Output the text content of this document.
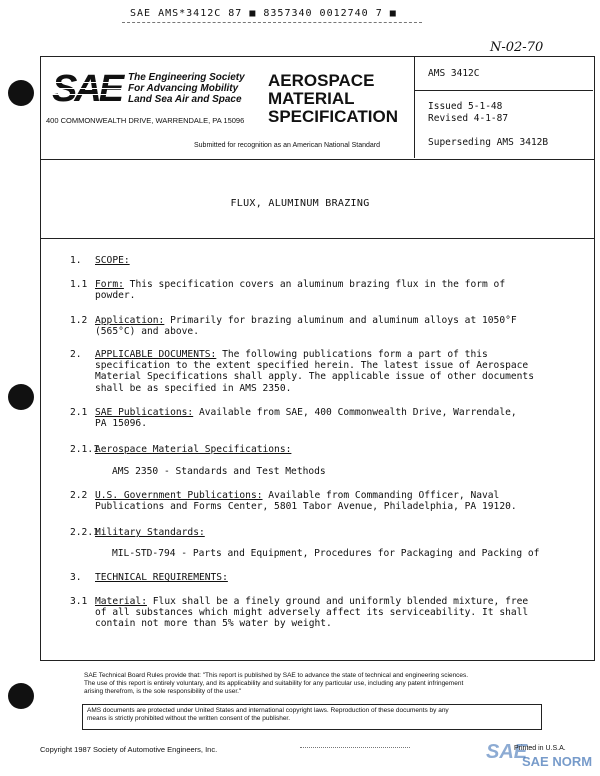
SAE AMS*3412C 87 ■ 8357340 0012740 7 ■
N-02-70
SAE The Engineering Society
For Advancing Mobility
Land Sea Air and Space
400 COMMONWEALTH DRIVE, WARRENDALE, PA 15096
AEROSPACE
MATERIAL
SPECIFICATION
Submitted for recognition as an American National Standard
AMS 3412C
Issued 5-1-48
Revised 4-1-87
Superseding AMS 3412B
FLUX, ALUMINUM BRAZING
1. SCOPE:
1.1 Form: This specification covers an aluminum brazing flux in the form of
powder.
1.2 Application: Primarily for brazing aluminum and aluminum alloys at 1050°F
(565°C) and above.
2. APPLICABLE DOCUMENTS: The following publications form a part of this
specification to the extent specified herein. The latest issue of Aerospace
Material Specifications shall apply. The applicable issue of other documents
shall be as specified in AMS 2350.
2.1 SAE Publications: Available from SAE, 400 Commonwealth Drive, Warrendale,
PA 15096.
2.1.1Aerospace Material Specifications:
AMS 2350 - Standards and Test Methods
2.2 U.S. Government Publications: Available from Commanding Officer, Naval
Publications and Forms Center, 5801 Tabor Avenue, Philadelphia, PA 19120.
2.2.1Military Standards:
MIL-STD-794 - Parts and Equipment, Procedures for Packaging and Packing of
3. TECHNICAL REQUIREMENTS:
3.1 Material: Flux shall be a finely ground and uniformly blended mixture, free
of all substances which might adversely affect its serviceability. It shall
contain not more than 5% water by weight.
SAE Technical Board Rules provide that: "This report is published by SAE to advance the state of technical and engineering sciences.
The use of this report is entirely voluntary, and its applicability and suitability for any particular use, including any patent infringement
arising therefrom, is the sole responsibility of the user."
AMS documents are protected under United States and international copyright laws. Reproduction of these documents by any
means is strictly prohibited without the written consent of the publisher.
Copyright 1987 Society of Automotive Engineers, Inc.	SAE
Printed in U.S.A.
SAE NORM
